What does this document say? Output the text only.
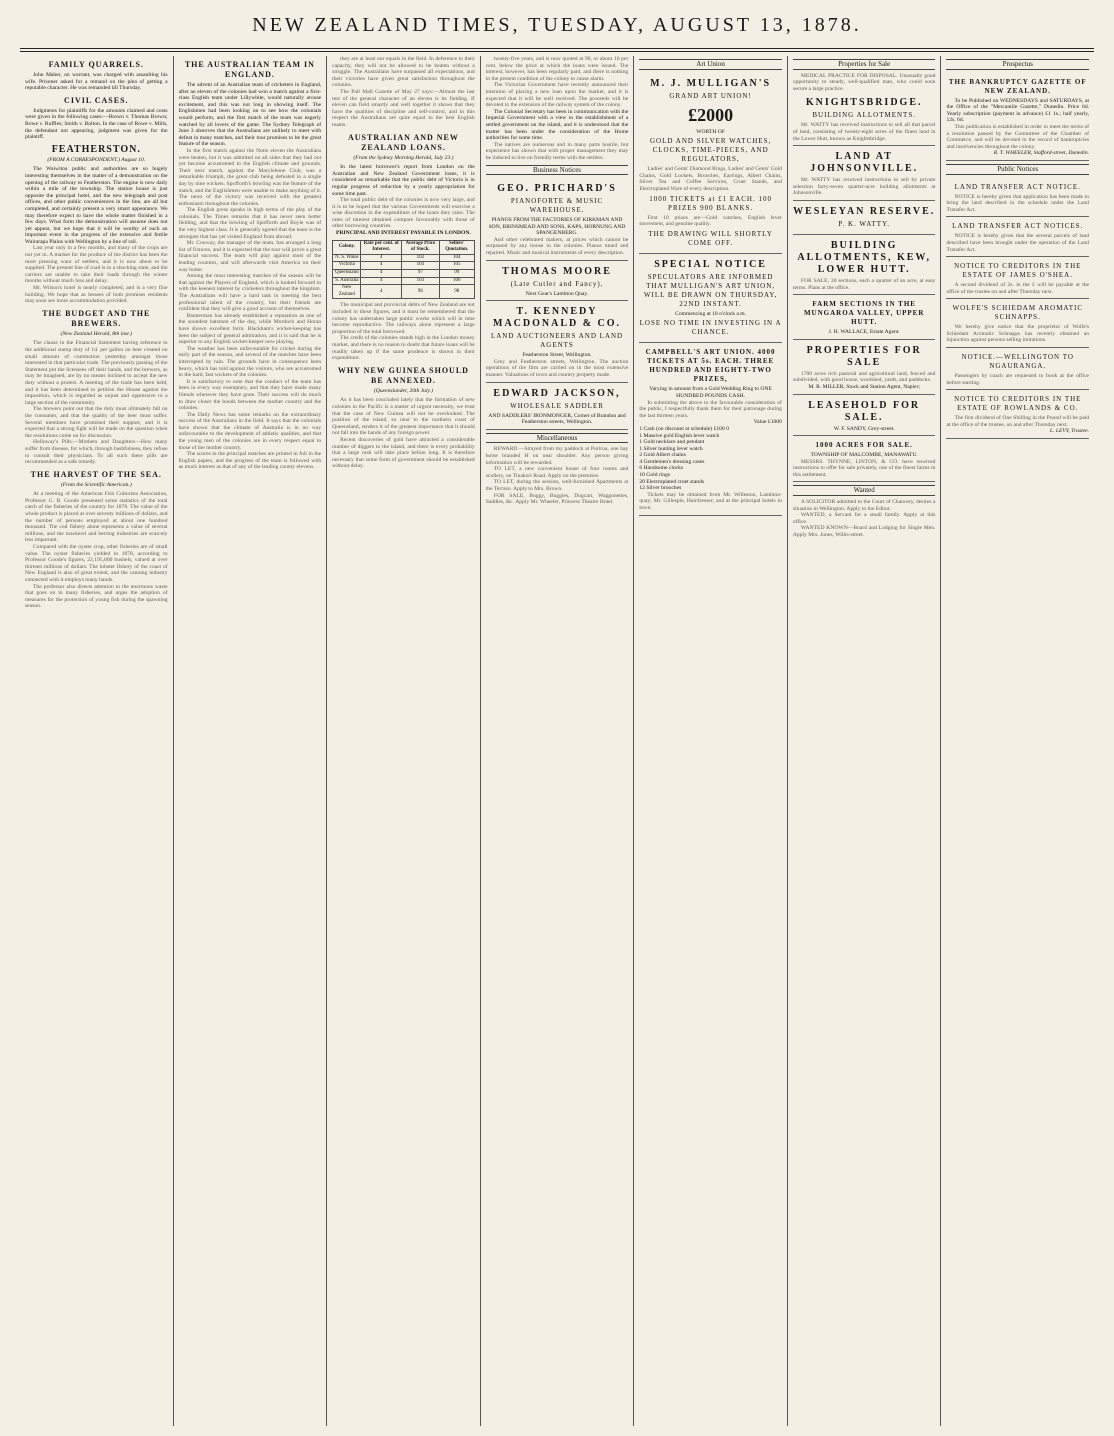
NEW ZEALAND TIMES, TUESDAY, AUGUST 13, 1878.
FAMILY QUARRELS.

John Maher, on warrant, was charged with assaulting his wife. Prisoner asked for a remand on the plea of getting a reputable character. He was remanded till Thursday.

CIVIL CASES.

Judgments for plaintiffs for the amounts claimed and costs were given in the following cases:—Brown v. Thomas Brown; Rowe v. Ruffles; Smith v. Bolton. In the case of Rowe v. Mills, the defendant not appearing, judgment was given for the plaintiff.

FEATHERSTON.
(FROM A CORRESPONDENT.) August 10.

The Waiwitoa public and authorities are so hugely interesting themselves in the matter of a demonstration on the opening of the railway to Featherston. The engine is now daily within a mile of the township. The station house is just opposite the principal hotel, and the new telegraph and post offices, and other public conveniences in the line, are all but completed, and certainly present a very smart appearance. We may therefore expect to have the whole matter finished in a few days. What form the demonstration will assume does not yet appear, but we hope that it will be worthy of such an important event in the progress of the extensive and fertile Wairarapa Plains with Wellington by a line of rail.

Last year only in a few months, and many of the crops are not yet in. A market for the produce of the district has been the most pressing want of settlers, and it is now about to be supplied. The present line of road is in a shocking state, and the carriers are unable to take their loads through the winter months without much loss and delay.

Mr. Wilson's hotel is nearly completed, and is a very fine building. We hope that as lessees of both premises residents may soon see more accommodation provided.

THE BUDGET AND THE BREWERS.
(New Zealand Herald, 8th inst.)

The clause in the Financial Statement having reference to the additional stamp duty of 1d. per gallon on beer created no small amount of commotion yesterday amongst those interested in that particular trade. The previously passing of the Statement put the licensees off their hands, and the brewers, as may be imagined, are by no means inclined to accept the new duty without a protest. A meeting of the trade has been held, and it has been determined to petition the House against the imposition, which is regarded as unjust and oppressive to a large section of the community.

The brewers point out that the duty must ultimately fall on the consumer, and that the quality of the beer must suffer. Several members have promised their support, and it is expected that a strong fight will be made on the question when the resolutions come on for discussion.

Holloway's Pills.—Mothers and Daughters—How many suffer from disease, for which, through bashfulness, they refuse to consult their physicians. To all such these pills are recommended as a safe remedy.

THE HARVEST OF THE SEA.
(From the Scientific American.)

At a meeting of the American Fish Culturists Association, Professor G. B. Goode presented some statistics of the total catch of the fisheries of the country for 1878. The value of the whole product is placed at over seventy millions of dollars, and the number of persons employed at about one hundred thousand. The cod fishery alone represents a value of several millions, and the mackerel and herring industries are scarcely less important.

Compared with the oyster crop, other fisheries are of small value. The oyster fisheries yielded in 1878, according to Professor Goode's figures, 22,195,000 bushels, valued at over thirteen millions of dollars. The lobster fishery of the coast of New England is also of great extent, and the canning industry connected with it employs many hands.

The professor also directs attention to the enormous waste that goes on in many fisheries, and urges the adoption of measures for the protection of young fish during the spawning season.

THE AUSTRALIAN TEAM IN ENGLAND.

The advent of an Australian team of cricketers in England, after an eleven of the colonies had won a match against a first-class English team under Lillywhite, would naturally arouse excitement, and this was not long in showing itself. The Englishmen had been looking on to see how the colonials would perform, and the first match of the team was eagerly watched by all lovers of the game. The Sydney Telegraph of June 3 observes that the Australians are unlikely to meet with defeat in many matches, and their tour promises to be the great feature of the season.

In the first match against the Notts eleven the Australians were beaten, but it was admitted on all sides that they had not yet become accustomed to the English climate and grounds. Their next match, against the Marylebone Club, was a remarkable triumph, the great club being defeated in a single day by nine wickets. Spofforth's bowling was the feature of the match, and the Englishmen were unable to make anything of it. The news of the victory was received with the greatest enthusiasm throughout the colonies.

The English press speaks in high terms of the play of the colonials. The Times remarks that it has never seen better fielding, and that the bowling of Spofforth and Boyle was of the very highest class. It is generally agreed that the team is the strongest that has yet visited England from abroad.

Mr. Conway, the manager of the team, has arranged a long list of fixtures, and it is expected that the tour will prove a great financial success. The team will play against most of the leading counties, and will afterwards visit America on their way home.

Among the most interesting matches of the season will be that against the Players of England, which is looked forward to with the keenest interest by cricketers throughout the kingdom. The Australians will have a hard task in meeting the best professional talent of the country, but their friends are confident that they will give a good account of themselves.

Bannerman has already established a reputation as one of the soundest batsmen of the day, while Murdoch and Horan have shown excellent form. Blackham's wicket-keeping has been the subject of general admiration, and it is said that he is superior to any English wicket-keeper now playing.

The weather has been unfavourable for cricket during the early part of the season, and several of the matches have been interrupted by rain. The grounds have in consequence been heavy, which has told against the visitors, who are accustomed to the hard, fast wickets of the colonies.

It is satisfactory to note that the conduct of the team has been in every way exemplary, and that they have made many friends wherever they have gone. Their success will do much to draw closer the bonds between the mother country and the colonies.

The Daily News has some remarks on the extraordinary success of the Australians in the field. It says that the colonials have shown that the climate of Australia is in no way unfavourable to the development of athletic qualities, and that the young men of the colonies are in every respect equal to those of the mother country.

The scores in the principal matches are printed in full in the English papers, and the progress of the team is followed with as much interest as that of any of the leading county elevens.

they are at least our equals in the field. In deference to their capacity, they will not be allowed to be beaten without a struggle. The Australians have surpassed all expectations, and their victories have given great satisfaction throughout the colonies.

The Pall Mall Gazette of May 27 says:—Almost the last test of the general character of an eleven is its fielding. If eleven can field smartly and well together it shows that they have the qualities of discipline and self-control, and in this respect the Australians are quite equal to the best English teams.

AUSTRALIAN AND NEW ZEALAND LOANS.
(From the Sydney Morning Herald, July 23.)

In the latest borrower's report from London on the Australian and New Zealand Government loans, it is considered as remarkable that the public debt of Victoria is in regular progress of reduction by a yearly appropriation for some time past.

The total public debt of the colonies is now very large, and it is to be hoped that the various Governments will exercise a wise discretion in the expenditure of the loans they raise. The rates of interest obtained compare favourably with those of other borrowing countries.

PRINCIPAL AND INTEREST PAYABLE IN LONDON.
Colony.	Rate per cent. of Interest.	Average Price of Stock.	Sellers' Quotation.
N. S. Wales	4	102	104
Victoria	4	103	105
Queensland	4	97	99
S. Australia	4	103	106
New Zealand	4	96	98

The municipal and provincial debts of New Zealand are not included in these figures, and it must be remembered that the colony has undertaken large public works which will in time become reproductive. The railways alone represent a large proportion of the total borrowed.

The credit of the colonies stands high in the London money market, and there is no reason to doubt that future loans will be readily taken up if the same prudence is shown in their expenditure.

WHY NEW GUINEA SHOULD BE ANNEXED.
(Queenslander, 20th July.)

As it has been concluded lately that the formation of new colonies in the Pacific is a matter of urgent necessity, we trust that the case of New Guinea will not be overlooked. The position of the island, so near to the northern coast of Queensland, renders it of the greatest importance that it should not fall into the hands of any foreign power.

Recent discoveries of gold have attracted a considerable number of diggers to the island, and there is every probability that a large rush will take place before long. It is therefore necessary that some form of government should be established without delay.

twenty-five years, and is now quoted at 90, or about 10 per cent. below the price at which the loans were issued. The interest, however, has been regularly paid, and there is nothing in the present condition of the colony to cause alarm.

The Victorian Government have recently announced their intention of placing a new loan upon the market, and it is expected that it will be well received. The proceeds will be devoted to the extension of the railway system of the colony.

The Colonial Secretary has been in communication with the Imperial Government with a view to the establishment of a settled government on the island, and it is understood that the matter has been under the consideration of the Home authorities for some time.

The natives are numerous and in many parts hostile, but experience has shown that with proper management they may be induced to live on friendly terms with the settlers.

Business Notices
GEO. PRICHARD'S
PIANOFORTE & MUSIC WAREHOUSE.
PIANOS FROM THE FACTORIES OF KIRKMAN AND SON, BRINSMEAD AND SONS, KAPS, HORNUNG AND SPANGENBERG.

And other celebrated makers, at prices which cannot be surpassed by any house in the colonies. Pianos tuned and repaired. Music and musical instruments of every description.

THOMAS MOORE
(Late Cutler and Fancy),
Next Gear's Lambton Quay.
T. KENNEDY MACDONALD & CO.
LAND AUCTIONEERS AND LAND AGENTS
Featherston Street, Wellington.

Grey and Featherston streets, Wellington. The auction operations of the firm are carried on in the most extensive manner. Valuations of town and country property made.

EDWARD JACKSON,
WHOLESALE SADDLER
AND SADDLERS' IRONMONGER, Corner of Brandon and Featherston streets, Wellington.
Miscellaneous

REWARD.—Strayed from my paddock at Porirua, one bay horse branded H on near shoulder. Any person giving information will be rewarded.

TO LET, a new convenient house of four rooms and scullery, on Tinakori Road. Apply on the premises.

TO LET, during the session, well-furnished Apartments at the Terrace. Apply to Mrs. Brown.

FOR SALE, Buggy, Buggies, Dogcart, Waggonettes, Saddles, &c. Apply Mr. Wheeler, Princess Theatre Hotel.

Art Union
M. J. MULLIGAN'S
GRAND ART UNION!
£2000
WORTH OF
GOLD AND SILVER WATCHES, CLOCKS, TIME-PIECES, AND REGULATORS,

Ladies' and Gents' Diamond Rings, Ladies' and Gents' Gold Chains, Gold Lockets, Brooches, Earrings, Albert Chains, Silver Tea and Coffee Services, Cruet Stands, and Electroplated Ware of every description.

1000 TICKETS at £1 EACH. 100 PRIZES 900 BLANKS.

First 10 prizes are—Gold watches, English lever movement, and genuine quality.

THE DRAWING WILL SHORTLY COME OFF.
SPECIAL NOTICE
SPECULATORS ARE INFORMED THAT MULLIGAN'S ART UNION, WILL BE DRAWN ON THURSDAY, 22ND INSTANT.
Commencing at 10 o'clock a.m.
LOSE NO TIME IN INVESTING IN A CHANCE.
CAMPBELL'S ART UNION. 4000 TICKETS AT 5s. EACH. THREE HUNDRED AND EIGHTY-TWO PRIZES,
Varying in amount from a Gold Wedding Ring to ONE HUNDRED POUNDS CASH.

In submitting the above to the favourable consideration of the public, I respectfully thank them for their patronage during the last thirteen years.

Value £1000
1 Cash (on discount at schedule) £100 0
1 Massive gold English lever watch
1 Gold necklace and pendant
1 Silver hunting lever watch
2 Gold Albert chains
4 Gentlemen's dressing cases
6 Handsome clocks
10 Gold rings
20 Electroplated cruet stands
12 Silver brooches

Tickets may be obtained from Mr. Willeston, Lambton-quay; Mr. Gillespie, Hairdresser; and at the principal hotels in town.

Properties for Sale

MEDICAL PRACTICE FOR DISPOSAL. Unusually good opportunity to steady, well-qualified man, who could soon secure a large practice.

KNIGHTSBRIDGE.
BUILDING ALLOTMENTS.

Mr. WATTY has received instructions to sell all that parcel of land, consisting of twenty-eight acres of the finest land in the Lower Hutt, known as Knightsbridge.

LAND AT JOHNSONVILLE.

Mr. WATTY has received instructions to sell by private selection forty-seven quarter-acre building allotments at Johnsonville.

WESLEYAN RESERVE.
P. K. WATTY.
BUILDING ALLOTMENTS, KEW, LOWER HUTT.

FOR SALE, 30 sections, each a quarter of an acre, at easy terms. Plans at the office.

FARM SECTIONS IN THE MUNGAROA VALLEY, UPPER HUTT.
J. H. WALLACE, Estate Agent.
PROPERTIES FOR SALE

1700 acres rich pastoral and agricultural land, fenced and subdivided, with good house, woolshed, yards, and paddocks.

M. R. MILLER, Stock and Station Agent, Napier;
LEASEHOLD FOR SALE.
W. F. SANDY, Grey-street.
1000 ACRES FOR SALE.
TOWNSHIP OF MALCOMBE, MANAWATU.

MESSRS. THYNNE, LINTON, & CO. have received instructions to offer for sale privately, one of the finest farms in this settlement.

Wanted

A SOLICITOR admitted to the Court of Chancery, desires a situation in Wellington. Apply to the Editor.

WANTED, a Servant for a small family. Apply at this office.

WANTED KNOWN—Board and Lodging for Single Men. Apply Mrs. Jones, Willis-street.

Prospectus
THE BANKRUPTCY GAZETTE OF NEW ZEALAND.

To be Published on WEDNESDAYS and SATURDAYS, at the Office of the "Mercantile Gazette," Dunedin. Price 6d. Yearly subscription (payment in advance) £1 1s.; half yearly, 12s. 6d.

This publication is established in order to meet the terms of a resolution passed by the Committee of the Chamber of Commerce, and will be devoted to the record of bankruptcies and insolvencies throughout the colony.

R. T. WHEELER, Stafford-street, Dunedin.
Public Notices
LAND TRANSFER ACT NOTICE.

NOTICE is hereby given that application has been made to bring the land described in the schedule under the Land Transfer Act.

LAND TRANSFER ACT NOTICES.

NOTICE is hereby given that the several parcels of land described have been brought under the operation of the Land Transfer Act.

NOTICE TO CREDITORS IN THE ESTATE OF JAMES O'SHEA.

A second dividend of 2s. in the £ will be payable at the office of the trustee on and after Thursday next.

WOLFE'S SCHIEDAM AROMATIC SCHNAPPS.

We hereby give notice that the proprietor of Wolfe's Schiedam Aromatic Schnapps has recently obtained an injunction against persons selling imitations.

NOTICE.—WELLINGTON TO NGAURANGA.

Passengers by coach are requested to book at the office before starting.

NOTICE TO CREDITORS IN THE ESTATE OF ROWLANDS & CO.

The first dividend of One Shilling in the Pound will be paid at the office of the trustee, on and after Thursday next.

L. LEVY, Trustee.
